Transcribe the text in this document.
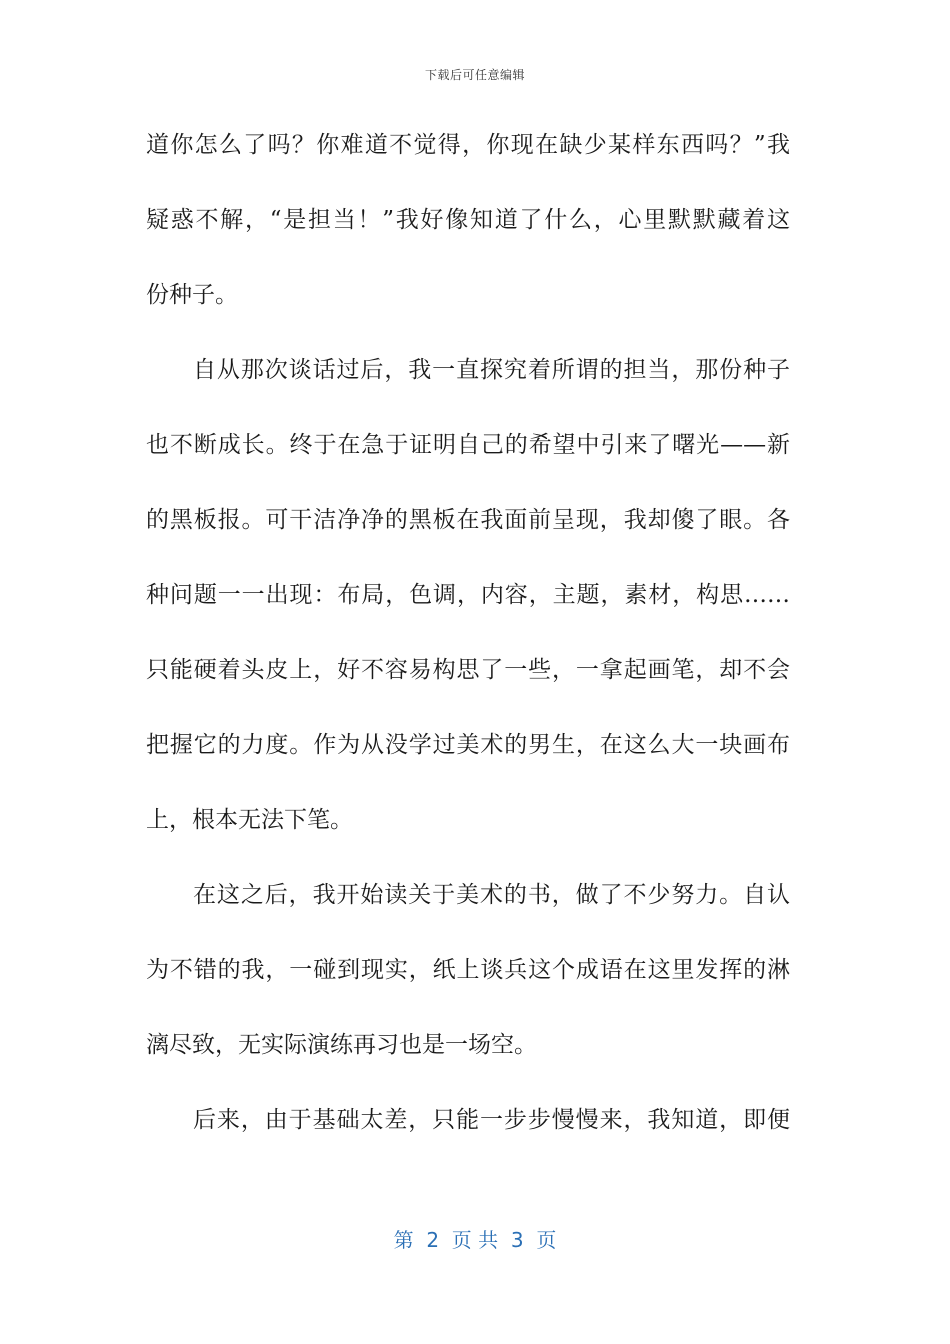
下载后可任意编辑
道你怎么了吗？你难道不觉得，你现在缺少某样东西吗？”我
疑惑不解，“是担当！”我好像知道了什么，心里默默藏着这
份种子。
自从那次谈话过后，我一直探究着所谓的担当，那份种子
也不断成长。终于在急于证明自己的希望中引来了曙光——新
的黑板报。可干洁净净的黑板在我面前呈现，我却傻了眼。各
种问题一一出现：布局，色调，内容，主题，素材，构思……
只能硬着头皮上，好不容易构思了一些，一拿起画笔，却不会
把握它的力度。作为从没学过美术的男生，在这么大一块画布
上，根本无法下笔。
在这之后，我开始读关于美术的书，做了不少努力。自认
为不错的我，一碰到现实，纸上谈兵这个成语在这里发挥的淋
漓尽致，无实际演练再习也是一场空。
后来，由于基础太差，只能一步步慢慢来，我知道，即便
第  2  页 共  3  页
